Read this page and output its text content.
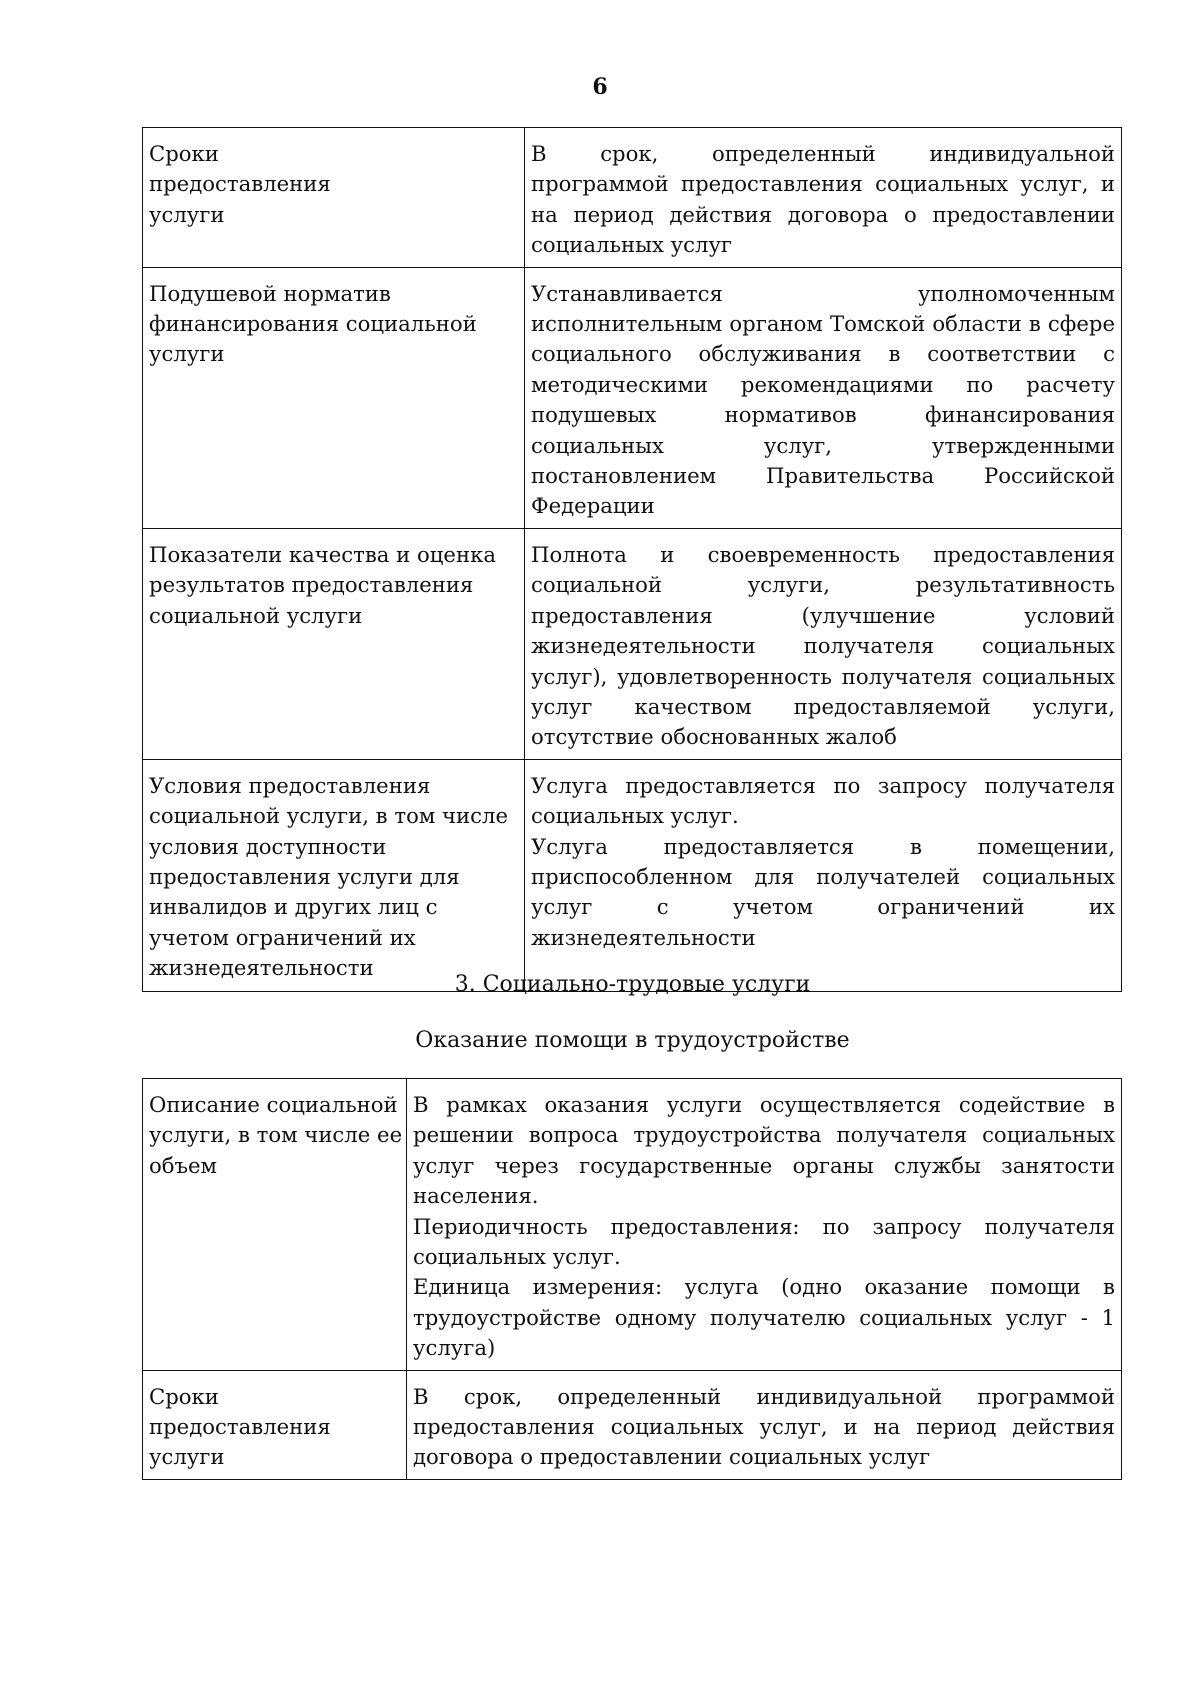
6
Сроки предоставления услуги	В срок, определенный индивидуальной программой предоставления социальных услуг, и на период действия договора о предоставлении социальных услуг

Подушевой норматив финансирования социальной услуги	Устанавливается уполномоченным исполнительным органом Томской области в сфере социального обслуживания в соответствии с методическими рекомендациями по расчету подушевых нормативов финансирования социальных услуг, утвержденными постановлением Правительства Российской Федерации

Показатели качества и оценка результатов предоставления социальной услуги	Полнота и своевременность предоставления социальной услуги, результативность предоставления (улучшение условий жизнедеятельности получателя социальных услуг), удовлетворенность получателя социальных услуг качеством предоставляемой услуги, отсутствие обоснованных жалоб

Условия предоставления социальной услуги, в том числе условия доступности предоставления услуги для инвалидов и других лиц с учетом ограничений их жизнедеятельности	Услуга предоставляется по запросу получателя социальных услуг.
Услуга предоставляется в помещении, приспособленном для получателей социальных услуг с учетом ограничений их жизнедеятельности
3. Социально-трудовые услуги
Оказание помощи в трудоустройстве
Описание социальной услуги, в том числе ее объем	В рамках оказания услуги осуществляется содействие в решении вопроса трудоустройства получателя социальных услуг через государственные органы службы занятости населения.
Периодичность предоставления: по запросу получателя социальных услуг.
Единица измерения: услуга (одно оказание помощи в трудоустройстве одному получателю социальных услуг - 1 услуга)

Сроки предоставления услуги	В срок, определенный индивидуальной программой предоставления социальных услуг, и на период действия договора о предоставлении социальных услуг
